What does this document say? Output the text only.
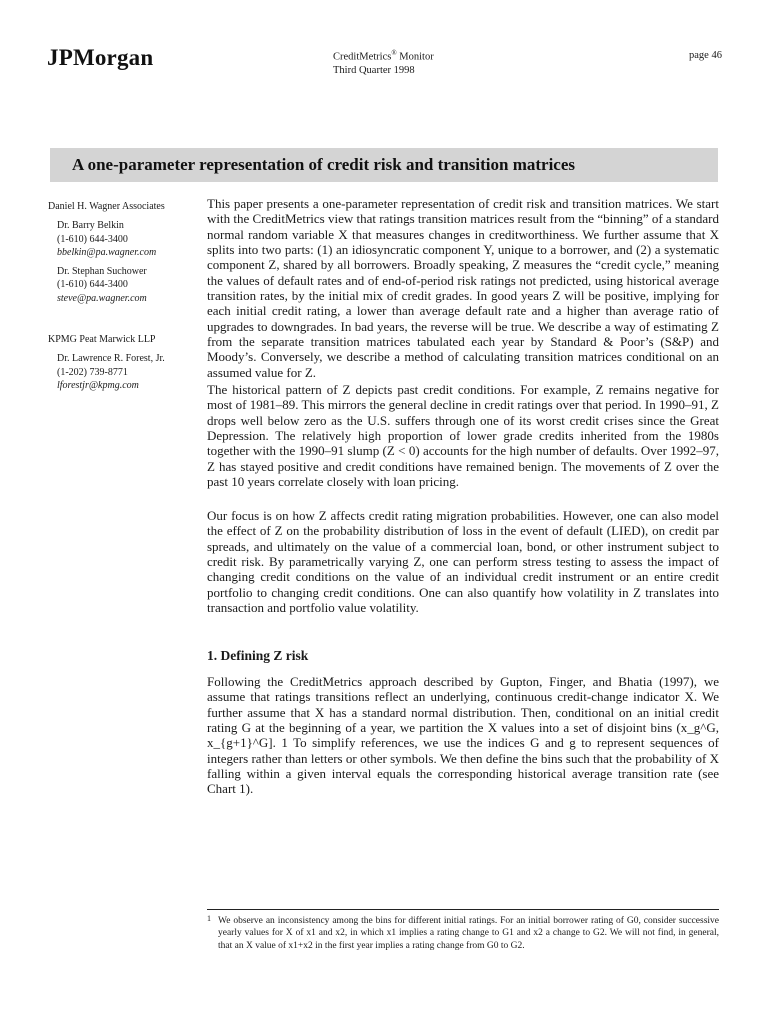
JPMorgan	CreditMetrics® Monitor
Third Quarter 1998
page 46
A one-parameter representation of credit risk and transition matrices
Daniel H. Wagner Associates
Dr. Barry Belkin
(1-610) 644-3400
bbelkin@pa.wagner.com
Dr. Stephan Suchower
(1-610) 644-3400
steve@pa.wagner.com
KPMG Peat Marwick LLP
Dr. Lawrence R. Forest, Jr.
(1-202) 739-8771
lforestjr@kpmg.com

This paper presents a one-parameter representation of credit risk and transition matrices. We start with the CreditMetrics view that ratings transition matrices result from the “binning” of a standard normal random variable X that measures changes in creditworthiness. We further assume that X splits into two parts: (1) an idiosyncratic component Y, unique to a borrower, and (2) a systematic component Z, shared by all borrowers. Broadly speaking, Z measures the “credit cycle,” meaning the values of default rates and of end-of-period risk ratings not predicted, using historical average transition rates, by the initial mix of credit grades. In good years Z will be positive, implying for each initial credit rating, a lower than average default rate and a higher than average ratio of upgrades to downgrades. In bad years, the reverse will be true. We describe a way of estimating Z from the separate transition matrices tabulated each year by Standard & Poor’s (S&P) and Moody’s. Conversely, we describe a method of calculating transition matrices conditional on an assumed value for Z.

The historical pattern of Z depicts past credit conditions. For example, Z remains negative for most of 1981–89. This mirrors the general decline in credit ratings over that period. In 1990–91, Z drops well below zero as the U.S. suffers through one of its worst credit crises since the Great Depression. The relatively high proportion of lower grade credits inherited from the 1980s together with the 1990–91 slump (Z < 0) accounts for the high number of defaults. Over 1992–97, Z has stayed positive and credit conditions have remained benign. The movements of Z over the past 10 years correlate closely with loan pricing.

Our focus is on how Z affects credit rating migration probabilities. However, one can also model the effect of Z on the probability distribution of loss in the event of default (LIED), on credit par spreads, and ultimately on the value of a commercial loan, bond, or other instrument subject to credit risk. By parametrically varying Z, one can perform stress testing to assess the impact of changing credit conditions on the value of an individual credit instrument or an entire credit portfolio to changing credit conditions. One can also quantify how volatility in Z translates into transaction and portfolio value volatility.

1. Defining Z risk

Following the CreditMetrics approach described by Gupton, Finger, and Bhatia (1997), we assume that ratings transitions reflect an underlying, continuous credit-change indicator X. We further assume that X has a standard normal distribution. Then, conditional on an initial credit rating G at the beginning of a year, we partition the X values into a set of disjoint bins (x_g^G, x_{g+1}^G]. 1 To simplify references, we use the indices G and g to represent sequences of integers rather than letters or other symbols. We then define the bins such that the probability of X falling within a given interval equals the corresponding historical average transition rate (see Chart 1).

1 We observe an inconsistency among the bins for different initial ratings. For an initial borrower rating of G0, consider successive yearly values for X of x1 and x2, in which x1 implies a rating change to G1 and x2 a change to G2. We will not find, in general, that an X value of x1+x2 in the first year implies a rating change from G0 to G2.
